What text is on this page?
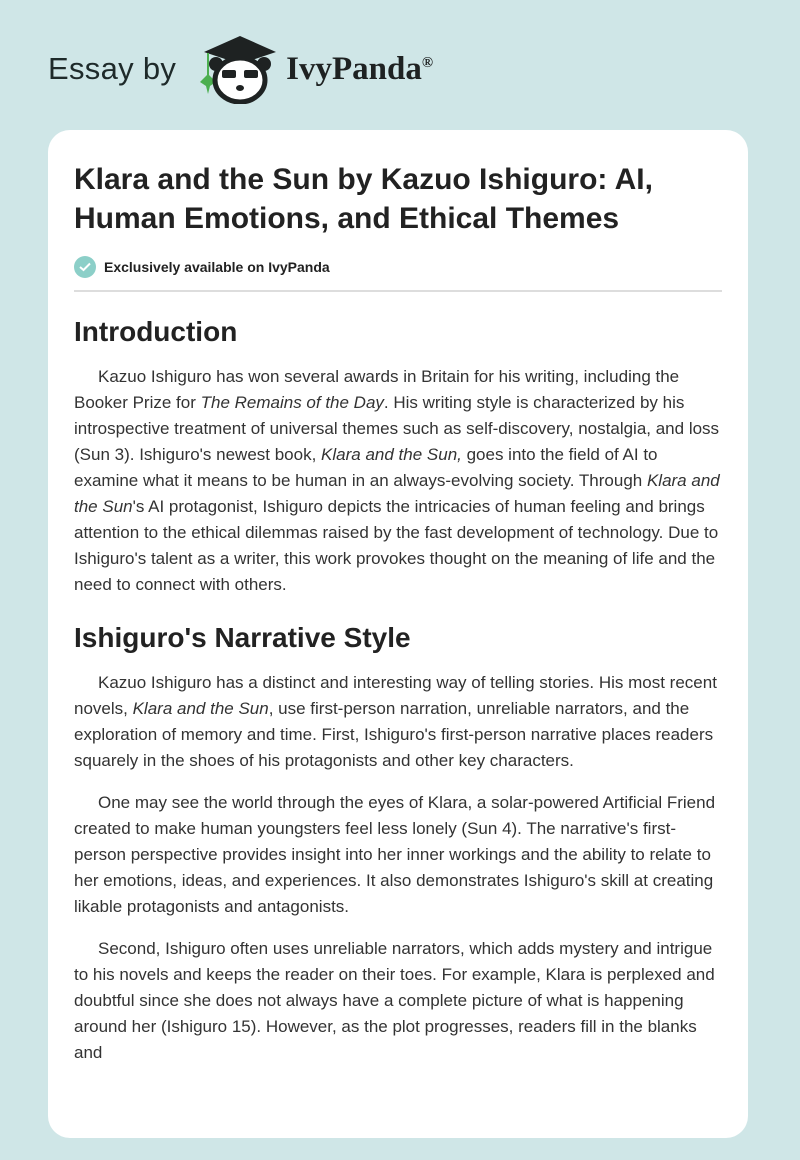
Essay by	IvyPanda®
Klara and the Sun by Kazuo Ishiguro: AI, Human Emotions, and Ethical Themes
Exclusively available on IvyPanda
Introduction

Kazuo Ishiguro has won several awards in Britain for his writing, including the Booker Prize for The Remains of the Day. His writing style is characterized by his introspective treatment of universal themes such as self-discovery, nostalgia, and loss (Sun 3). Ishiguro's newest book, Klara and the Sun, goes into the field of AI to examine what it means to be human in an always-evolving society. Through Klara and the Sun's AI protagonist, Ishiguro depicts the intricacies of human feeling and brings attention to the ethical dilemmas raised by the fast development of technology. Due to Ishiguro's talent as a writer, this work provokes thought on the meaning of life and the need to connect with others.

Ishiguro's Narrative Style

Kazuo Ishiguro has a distinct and interesting way of telling stories. His most recent novels, Klara and the Sun, use first-person narration, unreliable narrators, and the exploration of memory and time. First, Ishiguro's first-person narrative places readers squarely in the shoes of his protagonists and other key characters.

One may see the world through the eyes of Klara, a solar-powered Artificial Friend created to make human youngsters feel less lonely (Sun 4). The narrative's first-person perspective provides insight into her inner workings and the ability to relate to her emotions, ideas, and experiences. It also demonstrates Ishiguro's skill at creating likable protagonists and antagonists.

Second, Ishiguro often uses unreliable narrators, which adds mystery and intrigue to his novels and keeps the reader on their toes. For example, Klara is perplexed and doubtful since she does not always have a complete picture of what is happening around her (Ishiguro 15). However, as the plot progresses, readers fill in the blanks and
